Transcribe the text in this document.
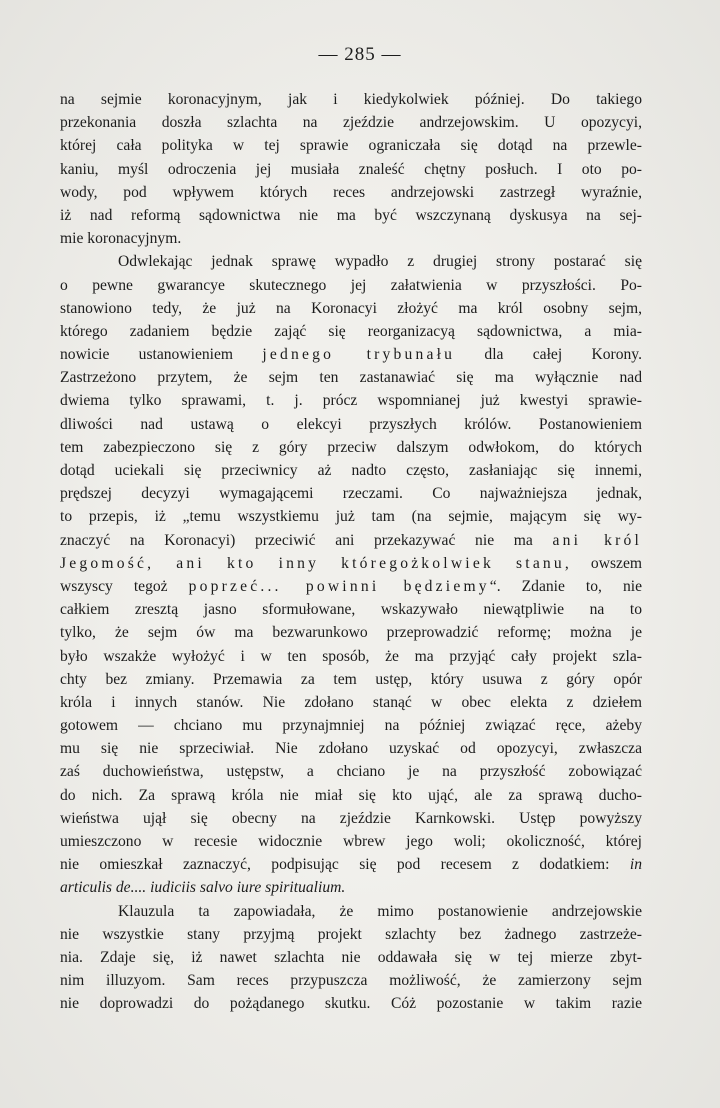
— 285 —
na sejmie koronacyjnym, jak i kiedykolwiek później. Do takiego
przekonania doszła szlachta na zjeździe andrzejowskim. U opozycyi,
której cała polityka w tej sprawie ograniczała się dotąd na przewle-
kaniu, myśl odroczenia jej musiała znaleść chętny posłuch. I oto po-
wody, pod wpływem których reces andrzejowski zastrzegł wyraźnie,
iż nad reformą sądownictwa nie ma być wszczynaną dyskusya na sej-
mie koronacyjnym.
Odwlekając jednak sprawę wypadło z drugiej strony postarać się
o pewne gwarancye skutecznego jej załatwienia w przyszłości. Po-
stanowiono tedy, że już na Koronacyi złożyć ma król osobny sejm,
którego zadaniem będzie zająć się reorganizacyą sądownictwa, a mia-
nowicie ustanowieniem jednego trybunału dla całej Korony.
Zastrzeżono przytem, że sejm ten zastanawiać się ma wyłącznie nad
dwiema tylko sprawami, t. j. prócz wspomnianej już kwestyi sprawie-
dliwości nad ustawą o elekcyi przyszłych królów. Postanowieniem
tem zabezpieczono się z góry przeciw dalszym odwłokom, do których
dotąd uciekali się przeciwnicy aż nadto często, zasłaniając się innemi,
prędszej decyzyi wymagającemi rzeczami. Co najważniejsza jednak,
to przepis, iż „temu wszystkiemu już tam (na sejmie, mającym się wy-
znaczyć na Koronacyi) przeciwić ani przekazywać nie ma ani król
Jegomość, ani kto inny któregożkolwiek stanu, owszem
wszyscy tegoż poprzeć... powinni będziemy“. Zdanie to, nie
całkiem zresztą jasno sformułowane, wskazywało niewątpliwie na to
tylko, że sejm ów ma bezwarunkowo przeprowadzić reformę; można je
było wszakże wyłożyć i w ten sposób, że ma przyjąć cały projekt szla-
chty bez zmiany. Przemawia za tem ustęp, który usuwa z góry opór
króla i innych stanów. Nie zdołano stanąć w obec elekta z dziełem
gotowem — chciano mu przynajmniej na później związać ręce, ażeby
mu się nie sprzeciwiał. Nie zdołano uzyskać od opozycyi, zwłaszcza
zaś duchowieństwa, ustępstw, a chciano je na przyszłość zobowiązać
do nich. Za sprawą króla nie miał się kto ująć, ale za sprawą ducho-
wieństwa ujął się obecny na zjeździe Karnkowski. Ustęp powyższy
umieszczono w recesie widocznie wbrew jego woli; okoliczność, której
nie omieszkał zaznaczyć, podpisując się pod recesem z dodatkiem: in
articulis de.... iudiciis salvo iure spiritualium.
Klauzula ta zapowiadała, że mimo postanowienie andrzejowskie
nie wszystkie stany przyjmą projekt szlachty bez żadnego zastrzeże-
nia. Zdaje się, iż nawet szlachta nie oddawała się w tej mierze zbyt-
nim illuzyom. Sam reces przypuszcza możliwość, że zamierzony sejm
nie doprowadzi do pożądanego skutku. Cóż pozostanie w takim razie
